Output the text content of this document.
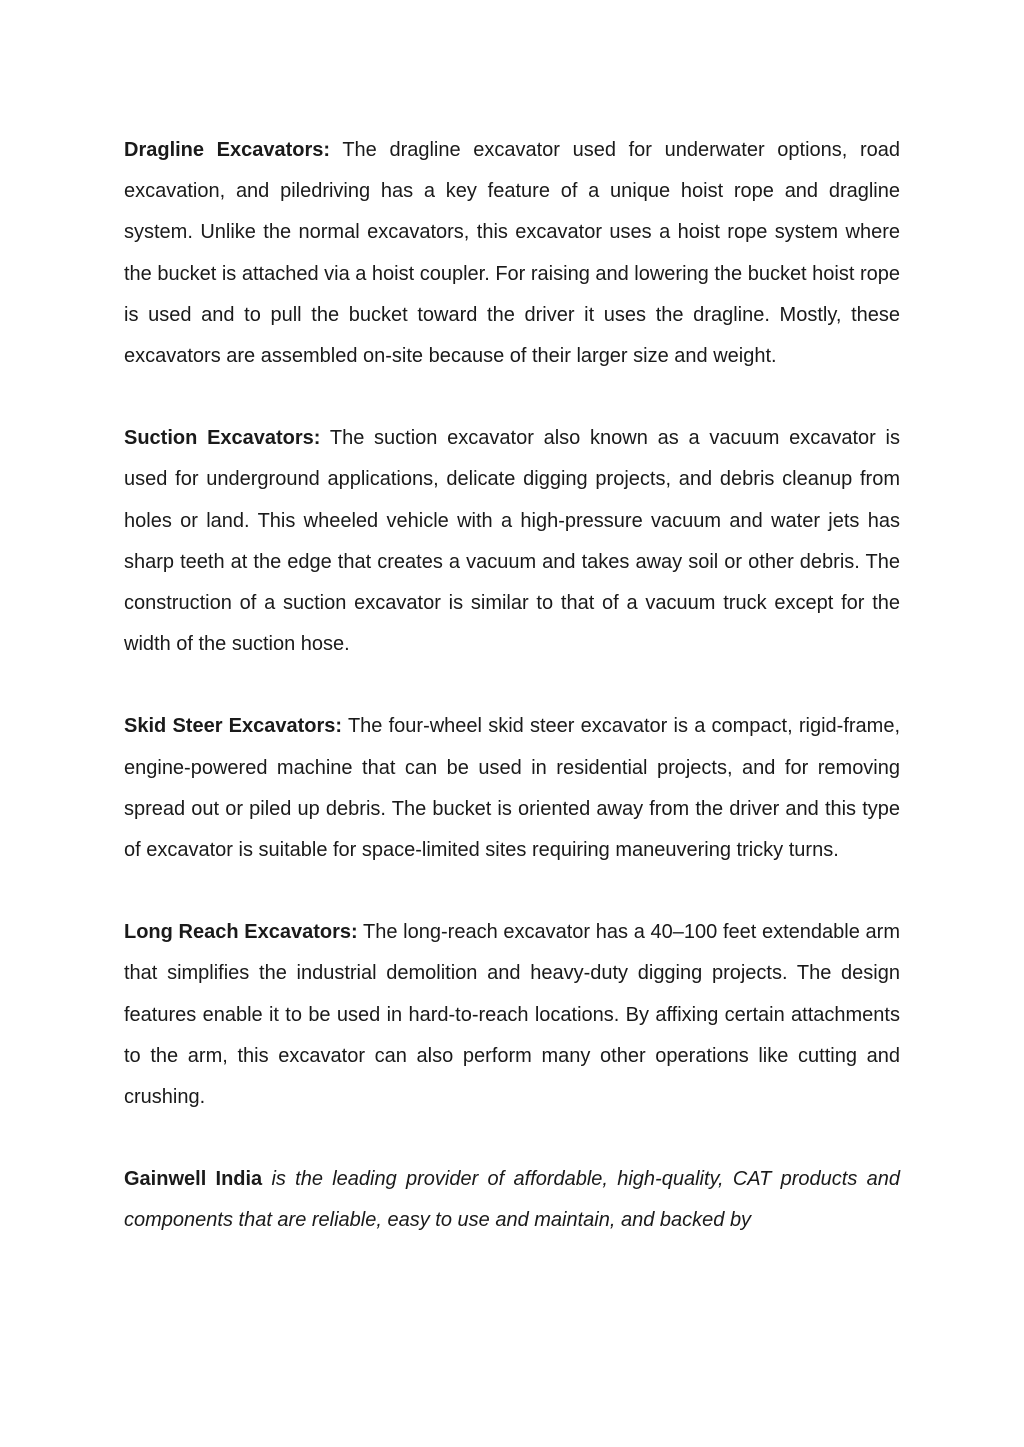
Dragline Excavators: The dragline excavator used for underwater options, road excavation, and piledriving has a key feature of a unique hoist rope and dragline system. Unlike the normal excavators, this excavator uses a hoist rope system where the bucket is attached via a hoist coupler. For raising and lowering the bucket hoist rope is used and to pull the bucket toward the driver it uses the dragline. Mostly, these excavators are assembled on-site because of their larger size and weight.

Suction Excavators: The suction excavator also known as a vacuum excavator is used for underground applications, delicate digging projects, and debris cleanup from holes or land. This wheeled vehicle with a high-pressure vacuum and water jets has sharp teeth at the edge that creates a vacuum and takes away soil or other debris. The construction of a suction excavator is similar to that of a vacuum truck except for the width of the suction hose.

Skid Steer Excavators: The four-wheel skid steer excavator is a compact, rigid-frame, engine-powered machine that can be used in residential projects, and for removing spread out or piled up debris. The bucket is oriented away from the driver and this type of excavator is suitable for space-limited sites requiring maneuvering tricky turns.

Long Reach Excavators: The long-reach excavator has a 40–100 feet extendable arm that simplifies the industrial demolition and heavy-duty digging projects. The design features enable it to be used in hard-to-reach locations. By affixing certain attachments to the arm, this excavator can also perform many other operations like cutting and crushing.

Gainwell India is the leading provider of affordable, high-quality, CAT products and components that are reliable, easy to use and maintain, and backed by
